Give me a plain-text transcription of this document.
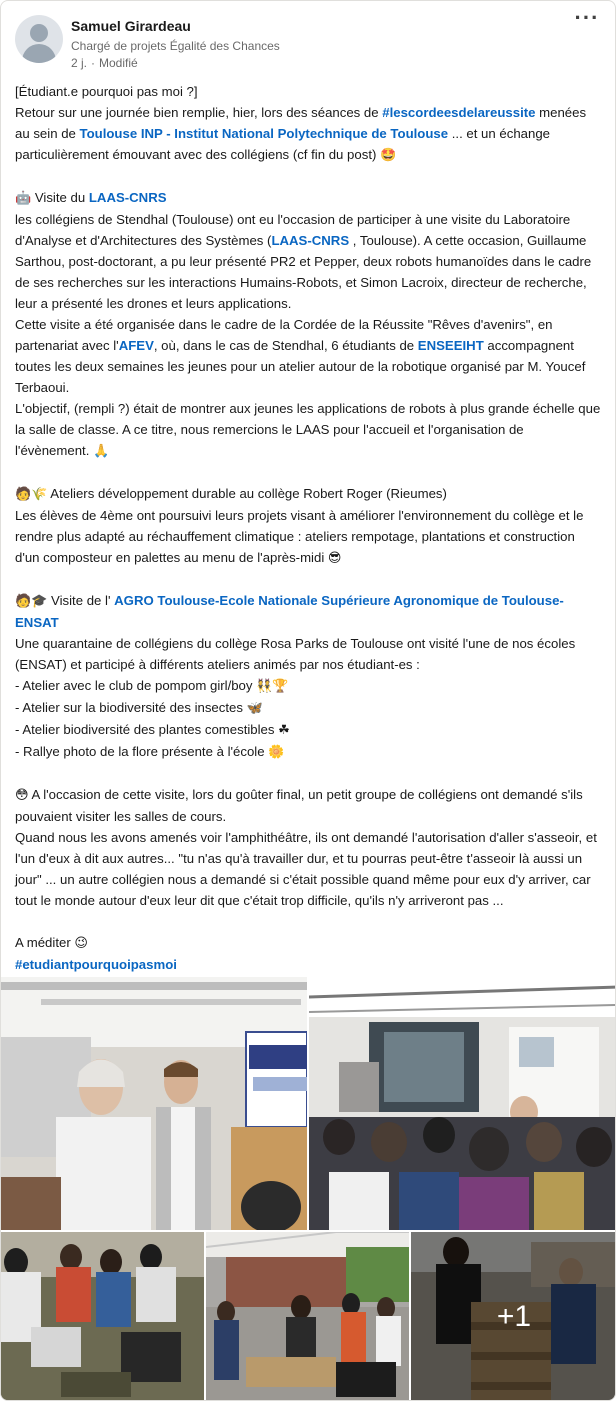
Samuel Girardeau
Chargé de projets Égalité des Chances
2 j. · Modifié
···

[Étudiant.e pourquoi pas moi ?]

Retour sur une journée bien remplie, hier, lors des séances de #lescordeesdelareussite menées au sein de Toulouse INP - Institut National Polytechnique de Toulouse ... et un échange particulièrement émouvant avec des collégiens (cf fin du post) 🤩

🤖 Visite du LAAS-CNRS

les collégiens de Stendhal (Toulouse) ont eu l'occasion de participer à une visite du Laboratoire d'Analyse et d'Architectures des Systèmes (LAAS-CNRS , Toulouse). A cette occasion, Guillaume Sarthou, post-doctorant, a pu leur présenté PR2 et Pepper, deux robots humanoïdes dans le cadre de ses recherches sur les interactions Humains-Robots, et Simon Lacroix, directeur de recherche, leur a présenté les drones et leurs applications.

Cette visite a été organisée dans le cadre de la Cordée de la Réussite "Rêves d'avenirs", en partenariat avec l'AFEV, où, dans le cas de Stendhal, 6 étudiants de ENSEEIHT accompagnent toutes les deux semaines les jeunes pour un atelier autour de la robotique organisé par M. Youcef Terbaoui.

L'objectif, (rempli ?) était de montrer aux jeunes les applications de robots à plus grande échelle que la salle de classe. A ce titre, nous remercions le LAAS pour l'accueil et l'organisation de l'évènement. 🙏

🧑🌾 Ateliers développement durable au collège Robert Roger (Rieumes)

Les élèves de 4ème ont poursuivi leurs projets visant à améliorer l'environnement du collège et le rendre plus adapté au réchauffement climatique : ateliers rempotage, plantations et construction d'un composteur en palettes au menu de l'après-midi 😎

🧑🎓 Visite de l' AGRO Toulouse-Ecole Nationale Supérieure Agronomique de Toulouse-ENSAT

Une quarantaine de collégiens du collège Rosa Parks de Toulouse ont visité l'une de nos écoles (ENSAT) et participé à différents ateliers animés par nos étudiant-es :

- Atelier avec le club de pompom girl/boy 👯🏆

- Atelier sur la biodiversité des insectes 🦋

- Atelier biodiversité des plantes comestibles ☘

- Rallye photo de la flore présente à l'école 🌼

😳 A l'occasion de cette visite, lors du goûter final, un petit groupe de collégiens ont demandé s'ils pouvaient visiter les salles de cours.

Quand nous les avons amenés voir l'amphithéâtre, ils ont demandé l'autorisation d'aller s'asseoir, et l'un d'eux à dit aux autres... "tu n'as qu'à travailler dur, et tu pourras peut-être t'asseoir là aussi un jour" ... un autre collégien nous a demandé si c'était possible quand même pour eux d'y arriver, car tout le monde autour d'eux leur dit que c'était trop difficile, qu'ils n'y arriveront pas ...

A méditer 😉

#etudiantpourquoipasmoi

+1
